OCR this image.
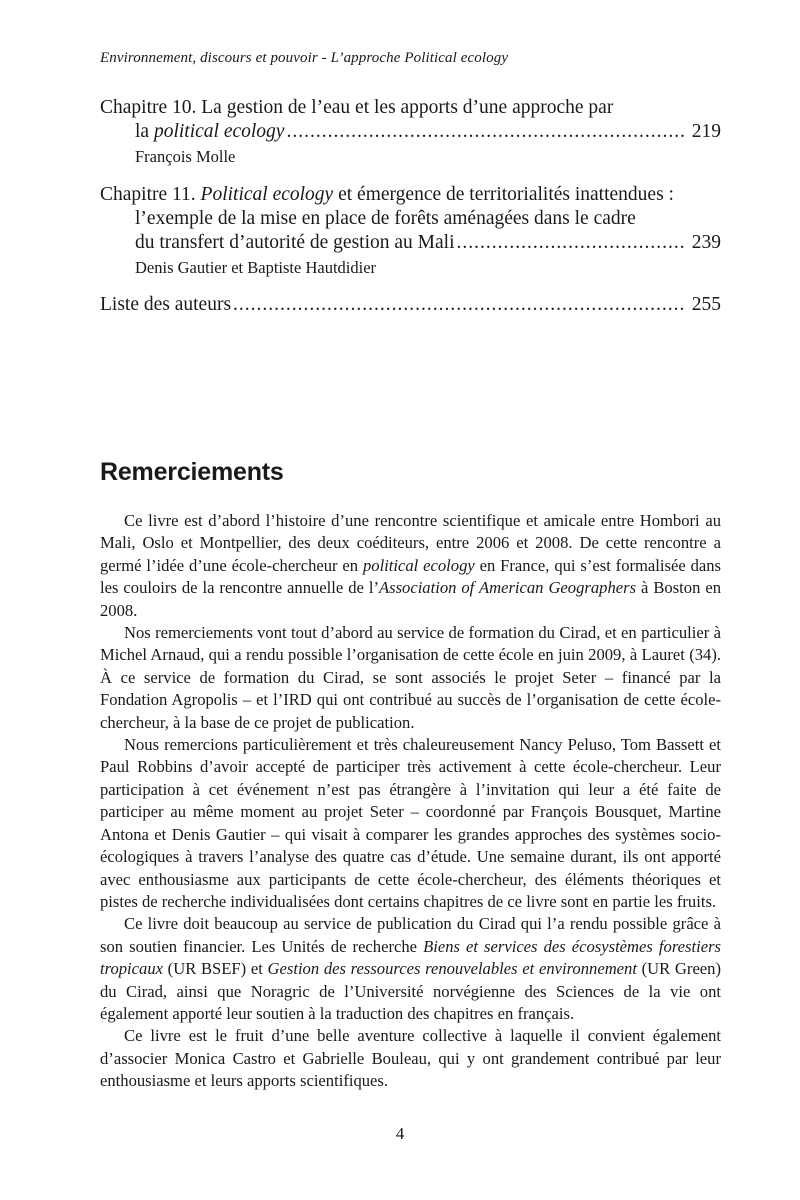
Environnement, discours et pouvoir - L’approche Political ecology
Chapitre 10. La gestion de l’eau et les apports d’une approche par
la political ecology .....	219
François Molle
Chapitre 11. Political ecology et émergence de territorialités inattendues :
l’exemple de la mise en place de forêts aménagées dans le cadre
du transfert d’autorité de gestion au Mali .....	239
Denis Gautier et Baptiste Hautdidier
Liste des auteurs .....	255
Remerciements

Ce livre est d’abord l’histoire d’une rencontre scientifique et amicale entre Hombori au Mali, Oslo et Montpellier, des deux coéditeurs, entre 2006 et 2008. De cette rencontre a germé l’idée d’une école-chercheur en political ecology en France, qui s’est formalisée dans les couloirs de la rencontre annuelle de l’Association of American Geographers à Boston en 2008.

Nos remerciements vont tout d’abord au service de formation du Cirad, et en particulier à Michel Arnaud, qui a rendu possible l’organisation de cette école en juin 2009, à Lauret (34). À ce service de formation du Cirad, se sont associés le projet Seter – financé par la Fondation Agropolis – et l’IRD qui ont contribué au succès de l’organisation de cette école-chercheur, à la base de ce projet de publication.

Nous remercions particulièrement et très chaleureusement Nancy Peluso, Tom Bassett et Paul Robbins d’avoir accepté de participer très activement à cette école-chercheur. Leur participation à cet événement n’est pas étrangère à l’invitation qui leur a été faite de participer au même moment au projet Seter – coordonné par François Bousquet, Martine Antona et Denis Gautier – qui visait à comparer les grandes approches des systèmes socio-écologiques à travers l’analyse des quatre cas d’étude. Une semaine durant, ils ont apporté avec enthousiasme aux participants de cette école-chercheur, des éléments théoriques et pistes de recherche individualisées dont certains chapitres de ce livre sont en partie les fruits.

Ce livre doit beaucoup au service de publication du Cirad qui l’a rendu possible grâce à son soutien financier. Les Unités de recherche Biens et services des écosystèmes forestiers tropicaux (UR BSEF) et Gestion des ressources renouvelables et environnement (UR Green) du Cirad, ainsi que Noragric de l’Université norvégienne des Sciences de la vie ont également apporté leur soutien à la traduction des chapitres en français.

Ce livre est le fruit d’une belle aventure collective à laquelle il convient également d’associer Monica Castro et Gabrielle Bouleau, qui y ont grandement contribué par leur enthousiasme et leurs apports scientifiques.

4
